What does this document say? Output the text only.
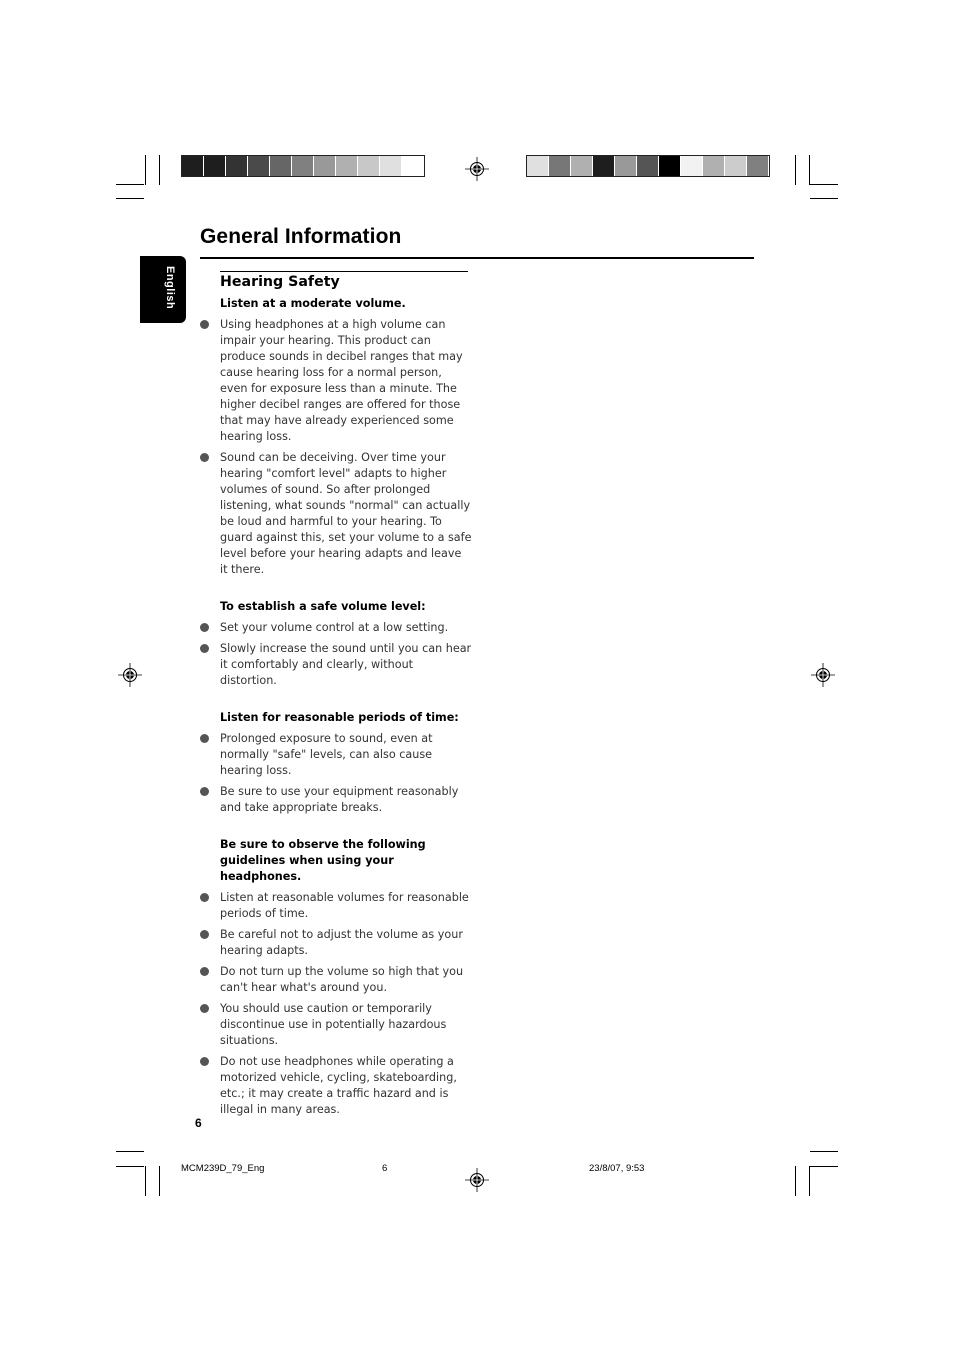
General Information
English	Hearing Safety
Listen at a moderate volume.
Using headphones at a high volume can impair your hearing. This product can produce sounds in decibel ranges that may cause hearing loss for a normal person, even for exposure less than a minute. The higher decibel ranges are offered for those that may have already experienced some hearing loss.
Sound can be deceiving. Over time your hearing "comfort level" adapts to higher volumes of sound. So after prolonged listening, what sounds "normal" can actually be loud and harmful to your hearing. To guard against this, set your volume to a safe level before your hearing adapts and leave it there.
To establish a safe volume level:
Set your volume control at a low setting.
Slowly increase the sound until you can hear it comfortably and clearly, without distortion.
Listen for reasonable periods of time:
Prolonged exposure to sound, even at normally "safe" levels, can also cause hearing loss.
Be sure to use your equipment reasonably and take appropriate breaks.
Be sure to observe the following guidelines when using your headphones.
Listen at reasonable volumes for reasonable periods of time.
Be careful not to adjust the volume as your hearing adapts.
Do not turn up the volume so high that you can't hear what's around you.
You should use caution or temporarily discontinue use in potentially hazardous situations.
Do not use headphones while operating a motorized vehicle, cycling, skateboarding, etc.; it may create a traffic hazard and is illegal in many areas.
6
MCM239D_79_Eng	6	23/8/07, 9:53
